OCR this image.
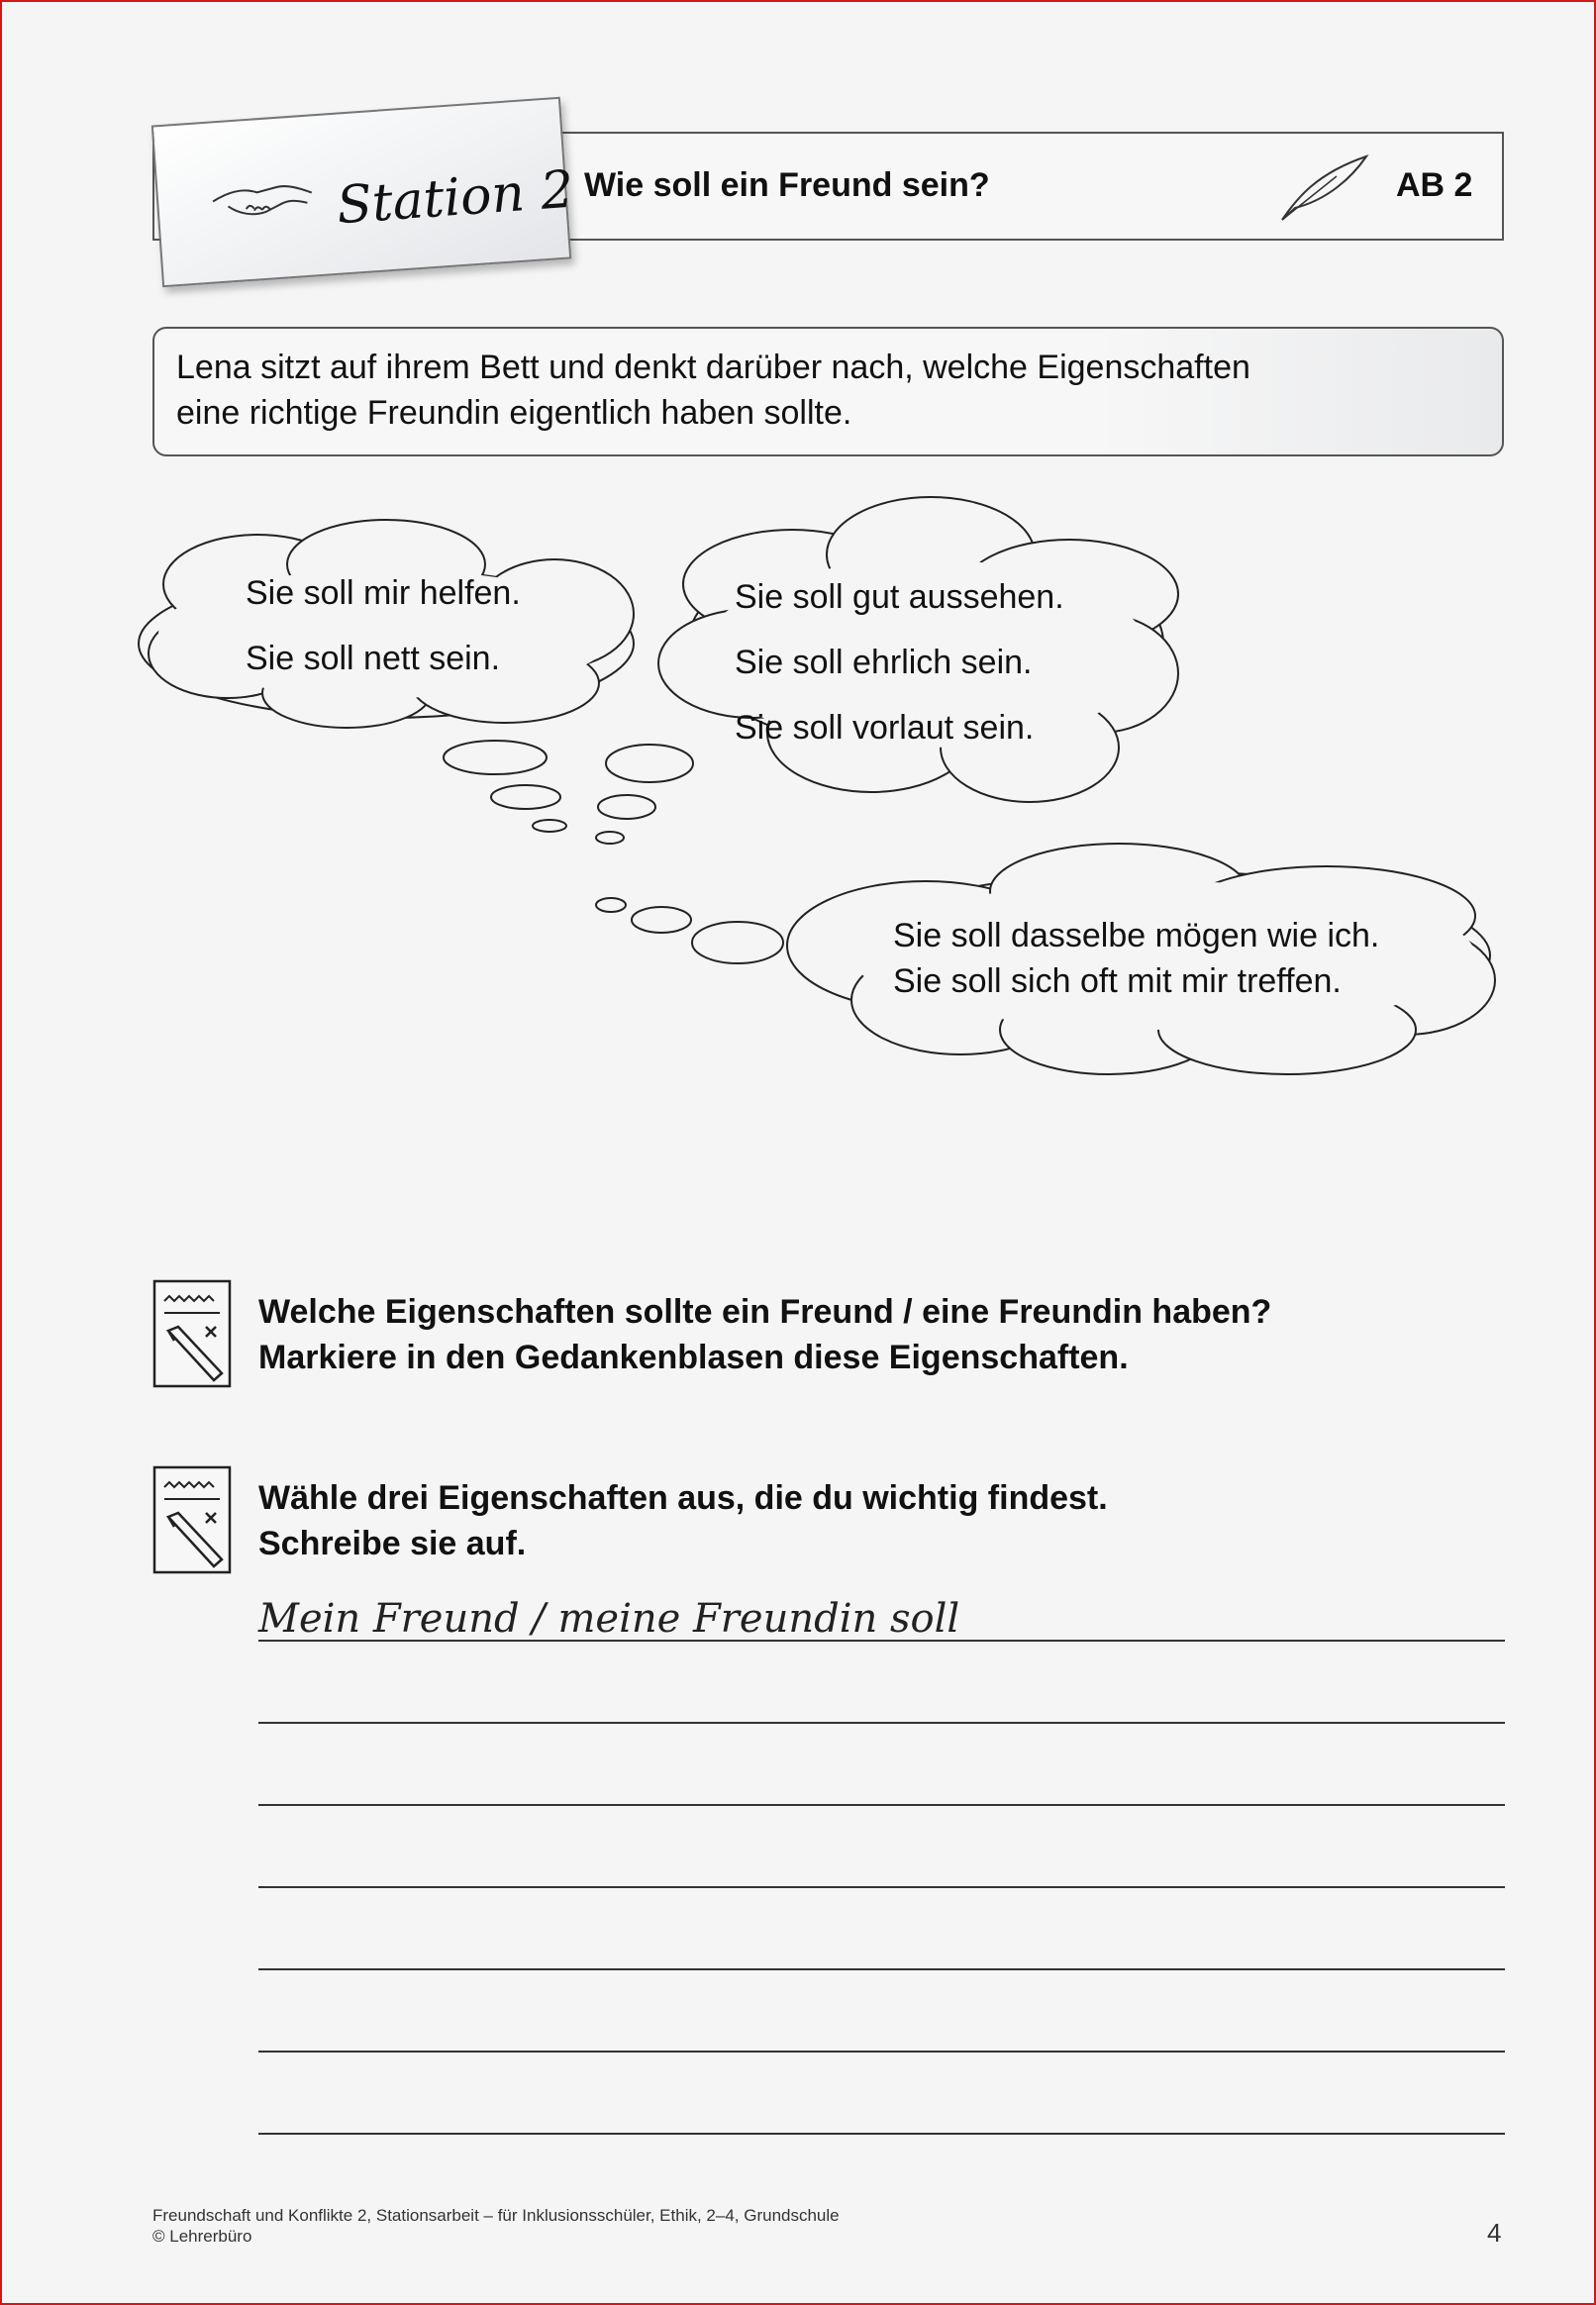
Station 2 Wie soll ein Freund sein?	AB 2
Lena sitzt auf ihrem Bett und denkt darüber nach, welche Eigenschaften
eine richtige Freundin eigentlich haben sollte.
Sie soll mir helfen.
Sie soll nett sein.
Sie soll gut aussehen.
Sie soll ehrlich sein.
Sie soll vorlaut sein.
Sie soll dasselbe mögen wie ich.
Sie soll sich oft mit mir treffen.
Welche Eigenschaften sollte ein Freund / eine Freundin haben?
Markiere in den Gedankenblasen diese Eigenschaften.
Wähle drei Eigenschaften aus, die du wichtig findest.
Schreibe sie auf.
Mein Freund / meine Freundin soll
Freundschaft und Konflikte 2, Stationsarbeit – für Inklusionsschüler, Ethik, 2–4, Grundschule
© Lehrerbüro	4
